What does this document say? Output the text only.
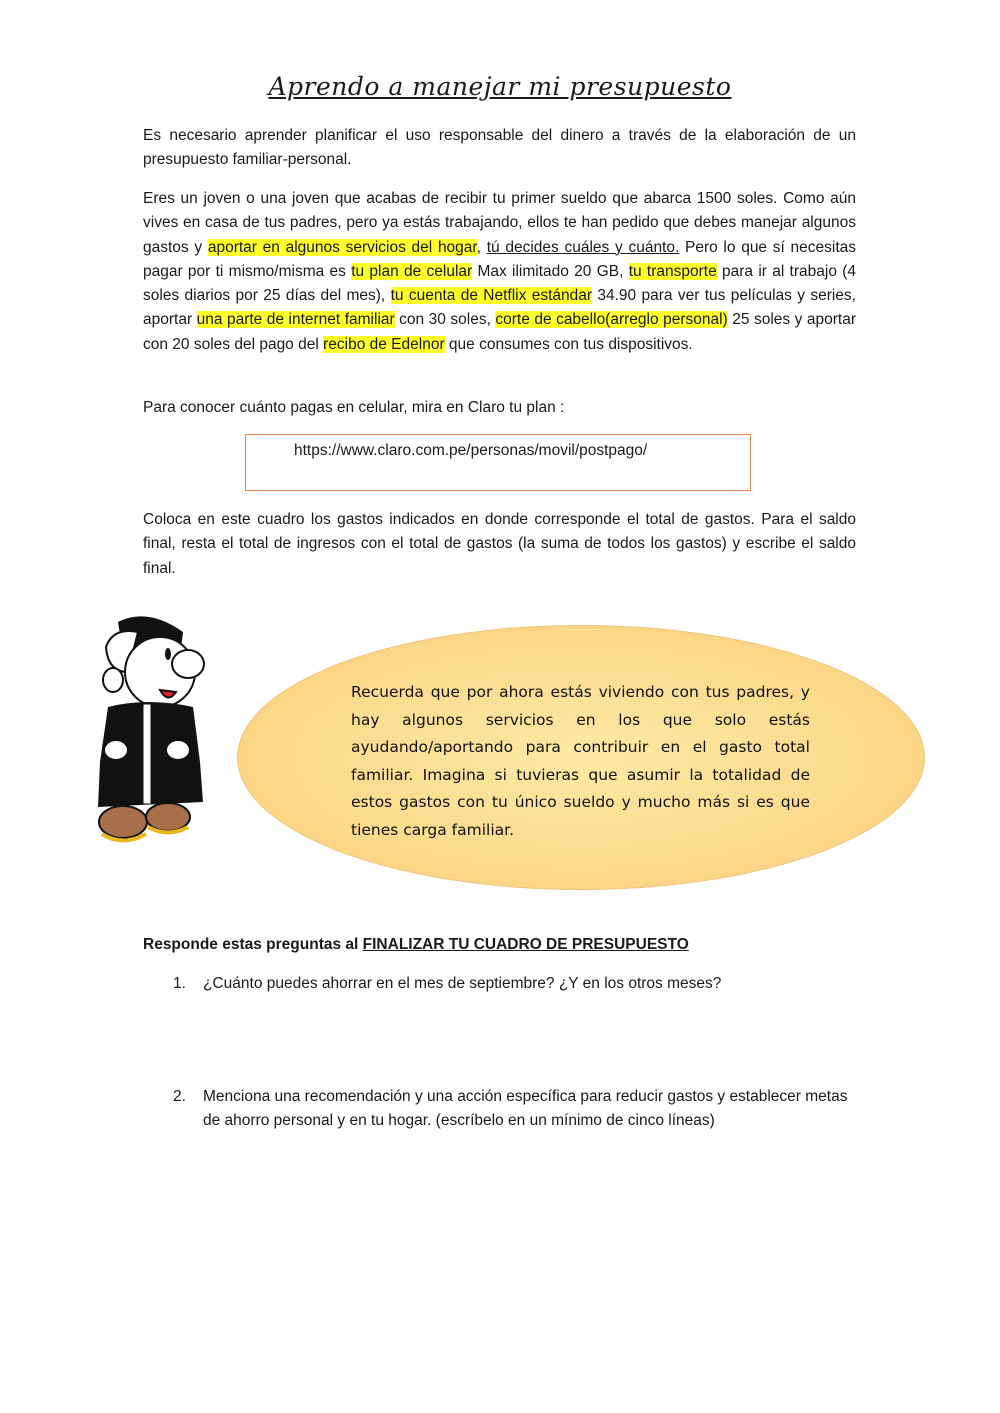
Aprendo a manejar mi presupuesto

Es necesario aprender planificar el uso responsable del dinero a través de la elaboración de un presupuesto familiar-personal.

Eres un joven o una joven que acabas de recibir tu primer sueldo que abarca 1500 soles. Como aún vives en casa de tus padres, pero ya estás trabajando, ellos te han pedido que debes manejar algunos gastos y aportar en algunos servicios del hogar, tú decides cuáles y cuánto. Pero lo que sí necesitas pagar por ti mismo/misma es tu plan de celular Max ilimitado 20 GB, tu transporte para ir al trabajo (4 soles diarios por 25 días del mes), tu cuenta de Netflix estándar 34.90 para ver tus películas y series, aportar una parte de internet familiar con 30 soles, corte de cabello(arreglo personal) 25 soles y aportar con 20 soles del pago del recibo de Edelnor que consumes con tus dispositivos.

Para conocer cuánto pagas en celular, mira en Claro tu plan :

https://www.claro.com.pe/personas/movil/postpago/

Coloca en este cuadro los gastos indicados en donde corresponde el total de gastos. Para el saldo final, resta el total de ingresos con el total de gastos (la suma de todos los gastos) y escribe el saldo final.

Recuerda que por ahora estás viviendo con tus padres, y hay algunos servicios en los que solo estás ayudando/aportando para contribuir en el gasto total familiar. Imagina si tuvieras que asumir la totalidad de estos gastos con tu único sueldo y mucho más si es que tienes carga familiar.
Responde estas preguntas al FINALIZAR TU CUADRO DE PRESUPUESTO
1. ¿Cuánto puedes ahorrar en el mes de septiembre? ¿Y en los otros meses?
2. Menciona una recomendación y una acción específica para reducir gastos y establecer metas de ahorro personal y en tu hogar. (escríbelo en un mínimo de cinco líneas)
